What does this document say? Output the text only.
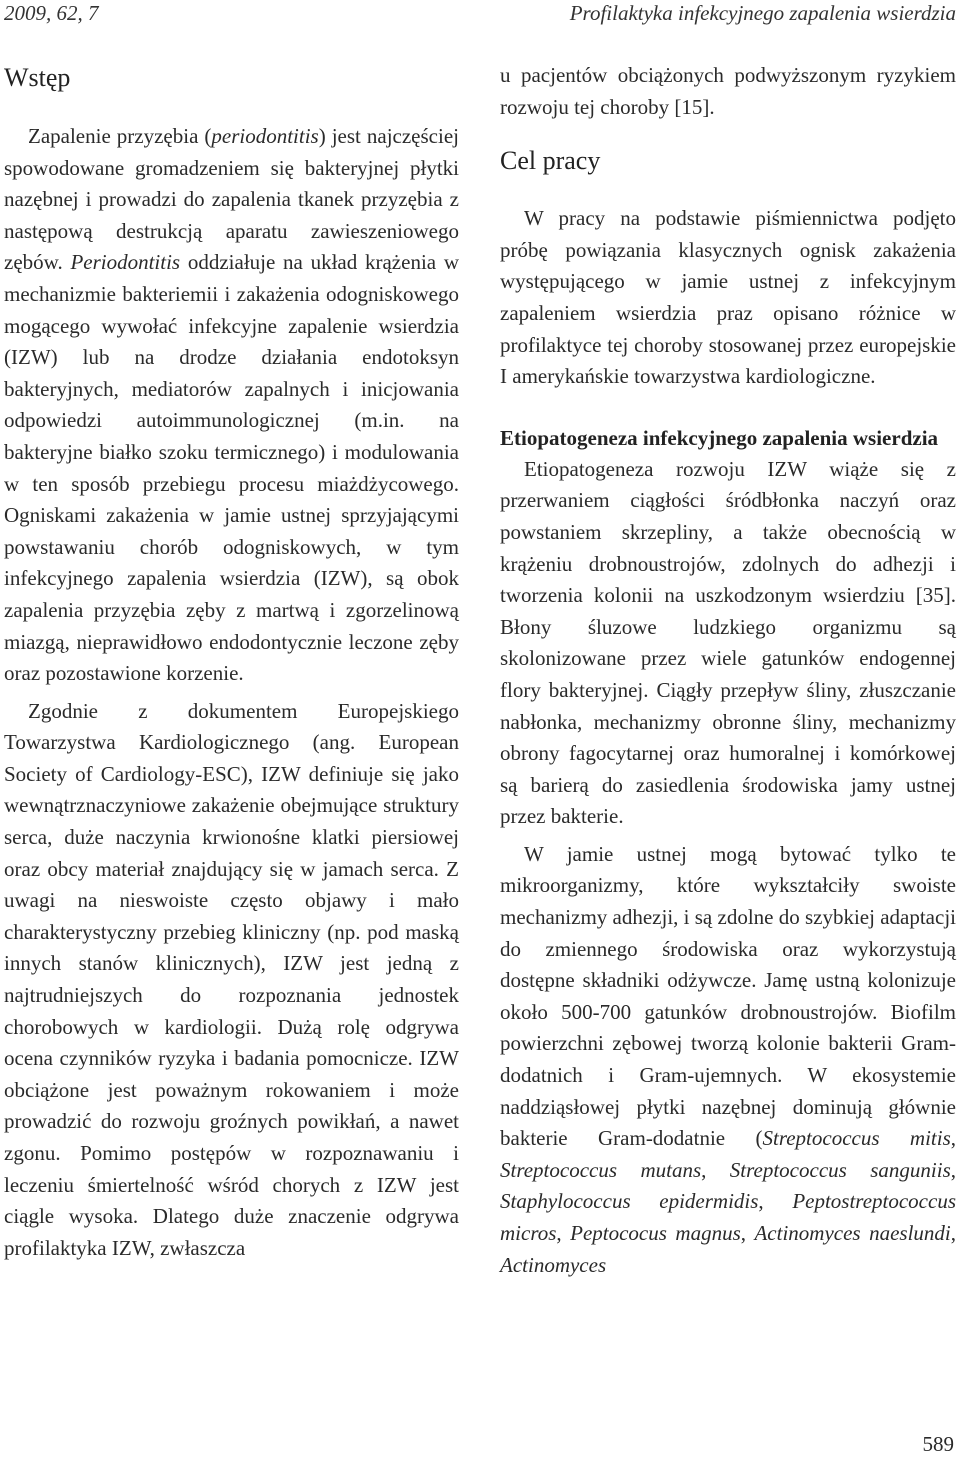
2009, 62, 7	Profilaktyka infekcyjnego zapalenia wsierdzia
Wstęp

Zapalenie przyzębia (periodontitis) jest najczęściej spowodowane gromadzeniem się bakteryjnej płytki nazębnej i prowadzi do zapalenia tkanek przyzębia z następową destrukcją aparatu zawieszeniowego zębów. Periodontitis oddziałuje na układ krążenia w mechanizmie bakteriemii i zakażenia odogniskowego mogącego wywołać infekcyjne zapalenie wsierdzia (IZW) lub na drodze działania endotoksyn bakteryjnych, mediatorów zapalnych i inicjowania odpowiedzi autoimmunologicznej (m.in. na bakteryjne białko szoku termicznego) i modulowania w ten sposób przebiegu procesu miażdżycowego. Ogniskami zakażenia w jamie ustnej sprzyjającymi powstawaniu chorób odogniskowych, w tym infekcyjnego zapalenia wsierdzia (IZW), są obok zapalenia przyzębia zęby z martwą i zgorzelinową miazgą, nieprawidłowo endodontycznie leczone zęby oraz pozostawione korzenie.

Zgodnie z dokumentem Europejskiego Towarzystwa Kardiologicznego (ang. European Society of Cardiology-ESC), IZW definiuje się jako wewnątrznaczyniowe zakażenie obejmujące struktury serca, duże naczynia krwionośne klatki piersiowej oraz obcy materiał znajdujący się w jamach serca. Z uwagi na nieswoiste często objawy i mało charakterystyczny przebieg kliniczny (np. pod maską innych stanów klinicznych), IZW jest jedną z najtrudniejszych do rozpoznania jednostek chorobowych w kardiologii. Dużą rolę odgrywa ocena czynników ryzyka i badania pomocnicze. IZW obciążone jest poważnym rokowaniem i może prowadzić do rozwoju groźnych powikłań, a nawet zgonu. Pomimo postępów w rozpoznawaniu i leczeniu śmiertelność wśród chorych z IZW jest ciągle wysoka. Dlatego duże znaczenie odgrywa profilaktyka IZW, zwłaszcza

u pacjentów obciążonych podwyższonym ryzykiem rozwoju tej choroby [15].

Cel pracy

W pracy na podstawie piśmiennictwa podjęto próbę powiązania klasycznych ognisk zakażenia występującego w jamie ustnej z infekcyjnym zapaleniem wsierdzia praz opisano różnice w profilaktyce tej choroby stosowanej przez europejskie I amerykańskie towarzystwa kardiologiczne.

Etiopatogeneza infekcyjnego zapalenia wsierdzia

Etiopatogeneza rozwoju IZW wiąże się z przerwaniem ciągłości śródbłonka naczyń oraz powstaniem skrzepliny, a także obecnością w krążeniu drobnoustrojów, zdolnych do adhezji i tworzenia kolonii na uszkodzonym wsierdziu [35]. Błony śluzowe ludzkiego organizmu są skolonizowane przez wiele gatunków endogennej flory bakteryjnej. Ciągły przepływ śliny, złuszczanie nabłonka, mechanizmy obronne śliny, mechanizmy obrony fagocytarnej oraz humoralnej i komórkowej są barierą do zasiedlenia środowiska jamy ustnej przez bakterie.

W jamie ustnej mogą bytować tylko te mikroorganizmy, które wykształciły swoiste mechanizmy adhezji, i są zdolne do szybkiej adaptacji do zmiennego środowiska oraz wykorzystują dostępne składniki odżywcze. Jamę ustną kolonizuje około 500-700 gatunków drobnoustrojów. Biofilm powierzchni zębowej tworzą kolonie bakterii Gram-dodatnich i Gram-ujemnych. W ekosystemie naddziąsłowej płytki nazębnej dominują głównie bakterie Gram-dodatnie (Streptococcus mitis, Streptococcus mutans, Streptococcus sanguniis, Staphylococcus epidermidis, Peptostreptococcus micros, Peptococus magnus, Actinomyces naeslundi, Actinomyces

589
